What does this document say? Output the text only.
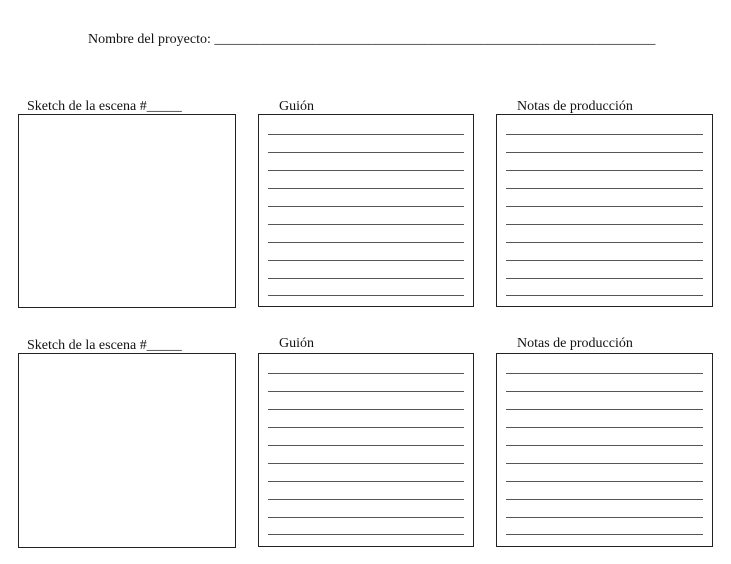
Nombre del proyecto: _______________________________________________________________
Sketch de la escena #_____	Guión	Notas de producción
Sketch de la escena #_____	Guión	Notas de producción
